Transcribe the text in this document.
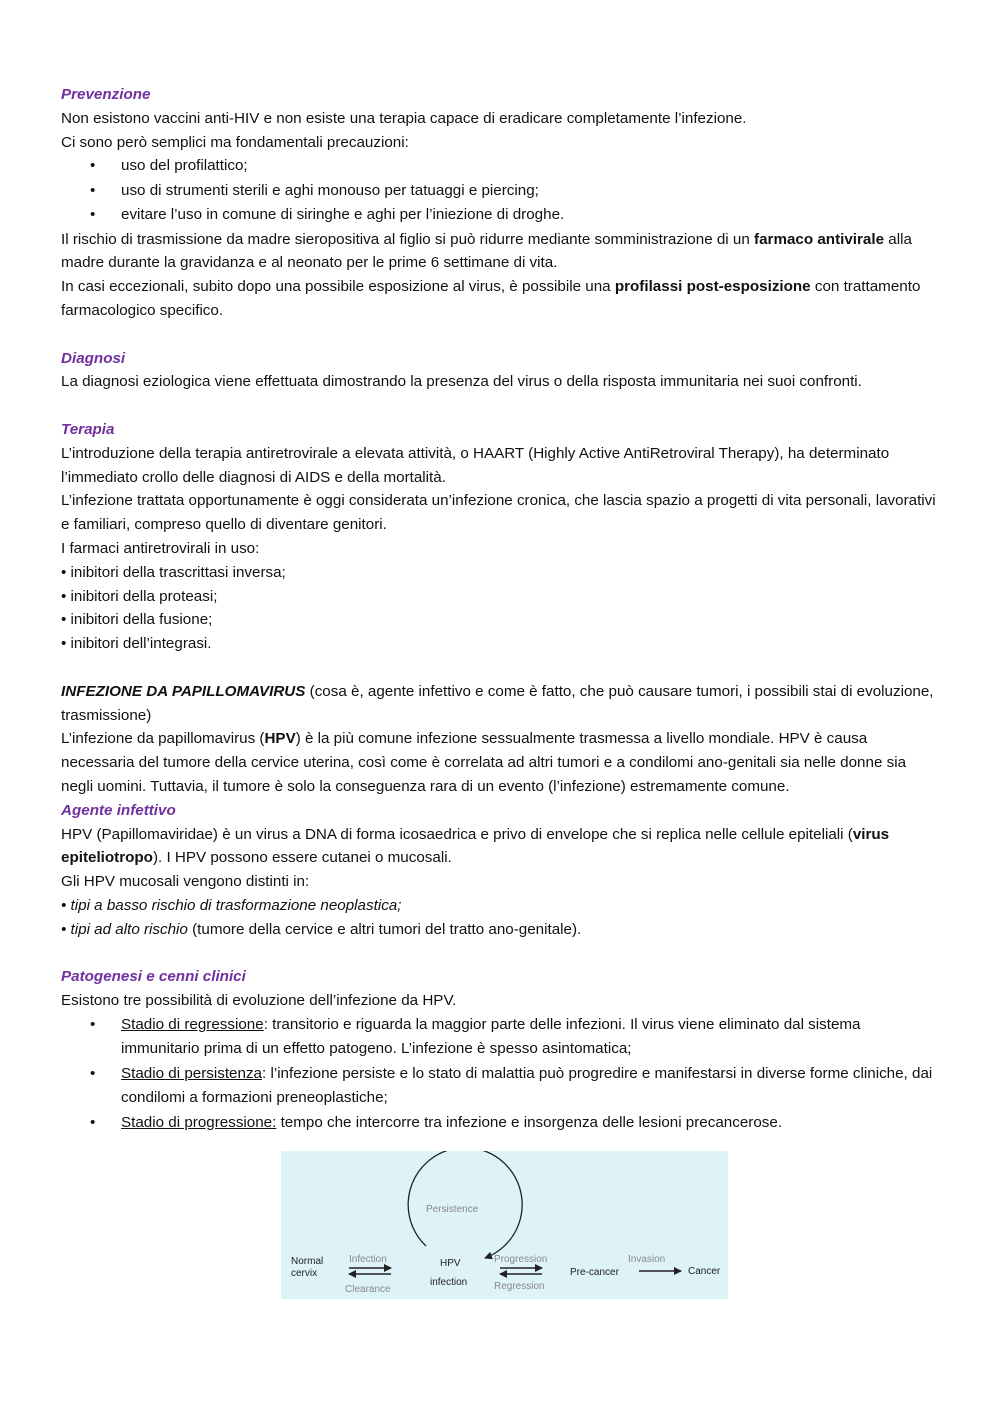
Prevenzione

Non esistono vaccini anti-HIV e non esiste una terapia capace di eradicare completamente l’infezione.

Ci sono però semplici ma fondamentali precauzioni:

• uso del profilattico;
• uso di strumenti sterili e aghi monouso per tatuaggi e piercing;
• evitare l’uso in comune di siringhe e aghi per l’iniezione di droghe.

Il rischio di trasmissione da madre sieropositiva al figlio si può ridurre mediante somministrazione di un farmaco antivirale alla madre durante la gravidanza e al neonato per le prime 6 settimane di vita.

In casi eccezionali, subito dopo una possibile esposizione al virus, è possibile una profilassi post-esposizione con trattamento farmacologico specifico.

Diagnosi

La diagnosi eziologica viene effettuata dimostrando la presenza del virus o della risposta immunitaria nei suoi confronti.

Terapia

L’introduzione della terapia antiretrovirale a elevata attività, o HAART (Highly Active AntiRetroviral Therapy), ha determinato l’immediato crollo delle diagnosi di AIDS e della mortalità.

L’infezione trattata opportunamente è oggi considerata un’infezione cronica, che lascia spazio a progetti di vita personali, lavorativi e familiari, compreso quello di diventare genitori.

I farmaci antiretrovirali in uso:

• inibitori della trascrittasi inversa;

• inibitori della proteasi;

• inibitori della fusione;

• inibitori dell’integrasi.

INFEZIONE DA PAPILLOMAVIRUS (cosa è, agente infettivo e come è fatto, che può causare tumori, i possibili stai di evoluzione, trasmissione)

L’infezione da papillomavirus (HPV) è la più comune infezione sessualmente trasmessa a livello mondiale. HPV è causa necessaria del tumore della cervice uterina, così come è correlata ad altri tumori e a condilomi ano-genitali sia nelle donne sia negli uomini. Tuttavia, il tumore è solo la conseguenza rara di un evento (l’infezione) estremamente comune.

Agente infettivo

HPV (Papillomaviridae) è un virus a DNA di forma icosaedrica e privo di envelope che si replica nelle cellule epiteliali (virus epiteliotropo). I HPV possono essere cutanei o mucosali.

Gli HPV mucosali vengono distinti in:

• tipi a basso rischio di trasformazione neoplastica;

• tipi ad alto rischio (tumore della cervice e altri tumori del tratto ano-genitale).

Patogenesi e cenni clinici

Esistono tre possibilità di evoluzione dell’infezione da HPV.

• Stadio di regressione: transitorio e riguarda la maggior parte delle infezioni. Il virus viene eliminato dal sistema immunitario prima di un effetto patogeno. L’infezione è spesso asintomatica;
• Stadio di persistenza: l’infezione persiste e lo stato di malattia può progredire e manifestarsi in diverse forme cliniche, dai condilomi a formazioni preneoplastiche;
• Stadio di progressione: tempo che intercorre tra infezione e insorgenza delle lesioni precancerose.
Normal
cervix
Infection
Clearance
Persistence
HPV
infection
Progression
Regression
Pre-cancer
Invasion
Cancer
